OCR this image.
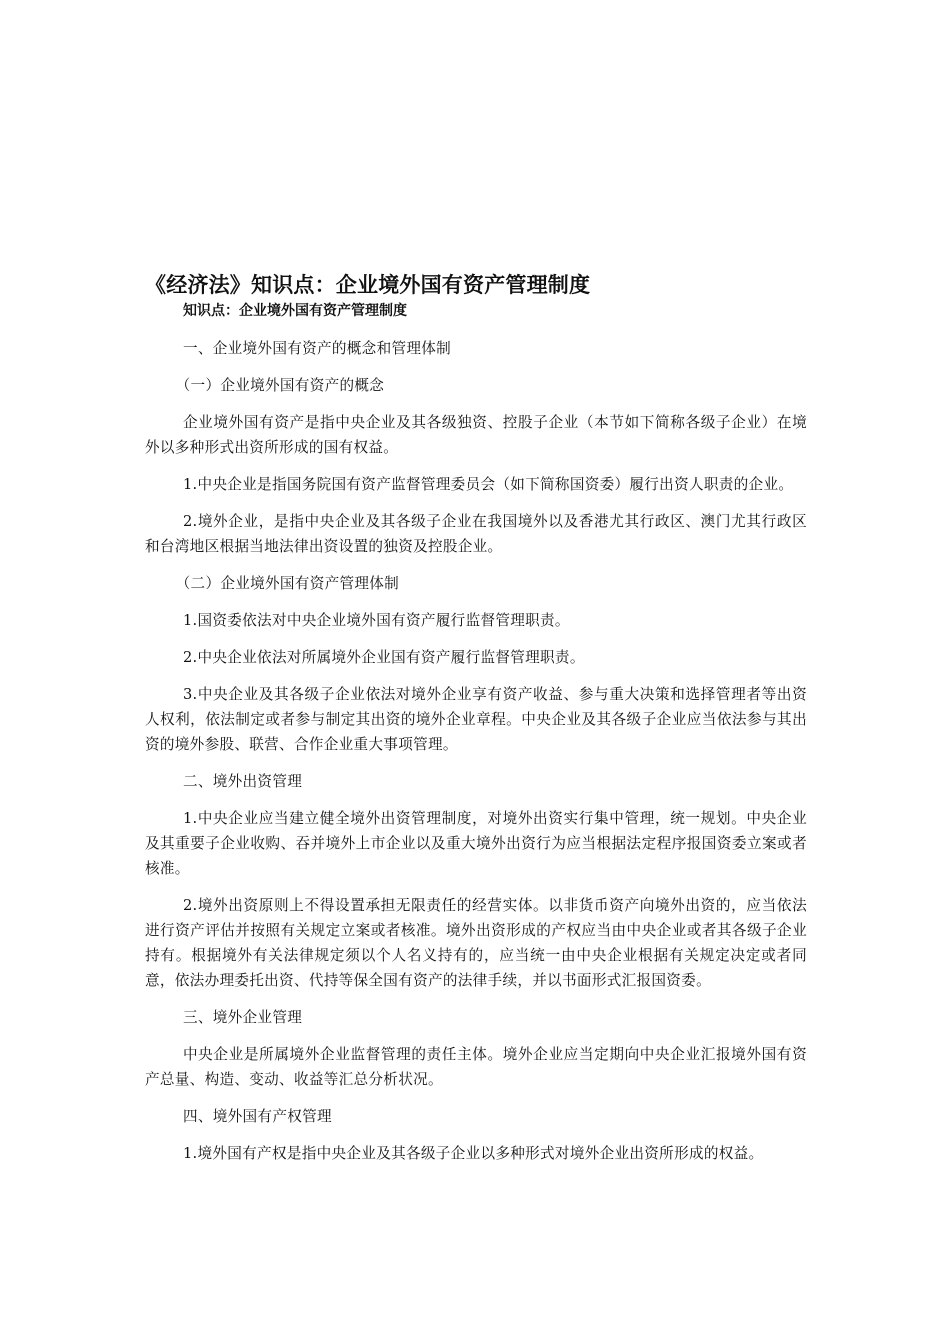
《经济法》知识点：企业境外国有资产管理制度
知识点：企业境外国有资产管理制度

一、企业境外国有资产的概念和管理体制

（一）企业境外国有资产的概念

企业境外国有资产是指中央企业及其各级独资、控股子企业（本节如下简称各级子企业）在境外以多种形式出资所形成的国有权益。

1.中央企业是指国务院国有资产监督管理委员会（如下简称国资委）履行出资人职责的企业。

2.境外企业，是指中央企业及其各级子企业在我国境外以及香港尤其行政区、澳门尤其行政区和台湾地区根据当地法律出资设置的独资及控股企业。

（二）企业境外国有资产管理体制

1.国资委依法对中央企业境外国有资产履行监督管理职责。

2.中央企业依法对所属境外企业国有资产履行监督管理职责。

3.中央企业及其各级子企业依法对境外企业享有资产收益、参与重大决策和选择管理者等出资人权利，依法制定或者参与制定其出资的境外企业章程。中央企业及其各级子企业应当依法参与其出资的境外参股、联营、合作企业重大事项管理。

二、境外出资管理

1.中央企业应当建立健全境外出资管理制度，对境外出资实行集中管理，统一规划。中央企业及其重要子企业收购、吞并境外上市企业以及重大境外出资行为应当根据法定程序报国资委立案或者核准。

2.境外出资原则上不得设置承担无限责任的经营实体。以非货币资产向境外出资的，应当依法进行资产评估并按照有关规定立案或者核准。境外出资形成的产权应当由中央企业或者其各级子企业持有。根据境外有关法律规定须以个人名义持有的，应当统一由中央企业根据有关规定决定或者同意，依法办理委托出资、代持等保全国有资产的法律手续，并以书面形式汇报国资委。

三、境外企业管理

中央企业是所属境外企业监督管理的责任主体。境外企业应当定期向中央企业汇报境外国有资产总量、构造、变动、收益等汇总分析状况。

四、境外国有产权管理

1.境外国有产权是指中央企业及其各级子企业以多种形式对境外企业出资所形成的权益。
